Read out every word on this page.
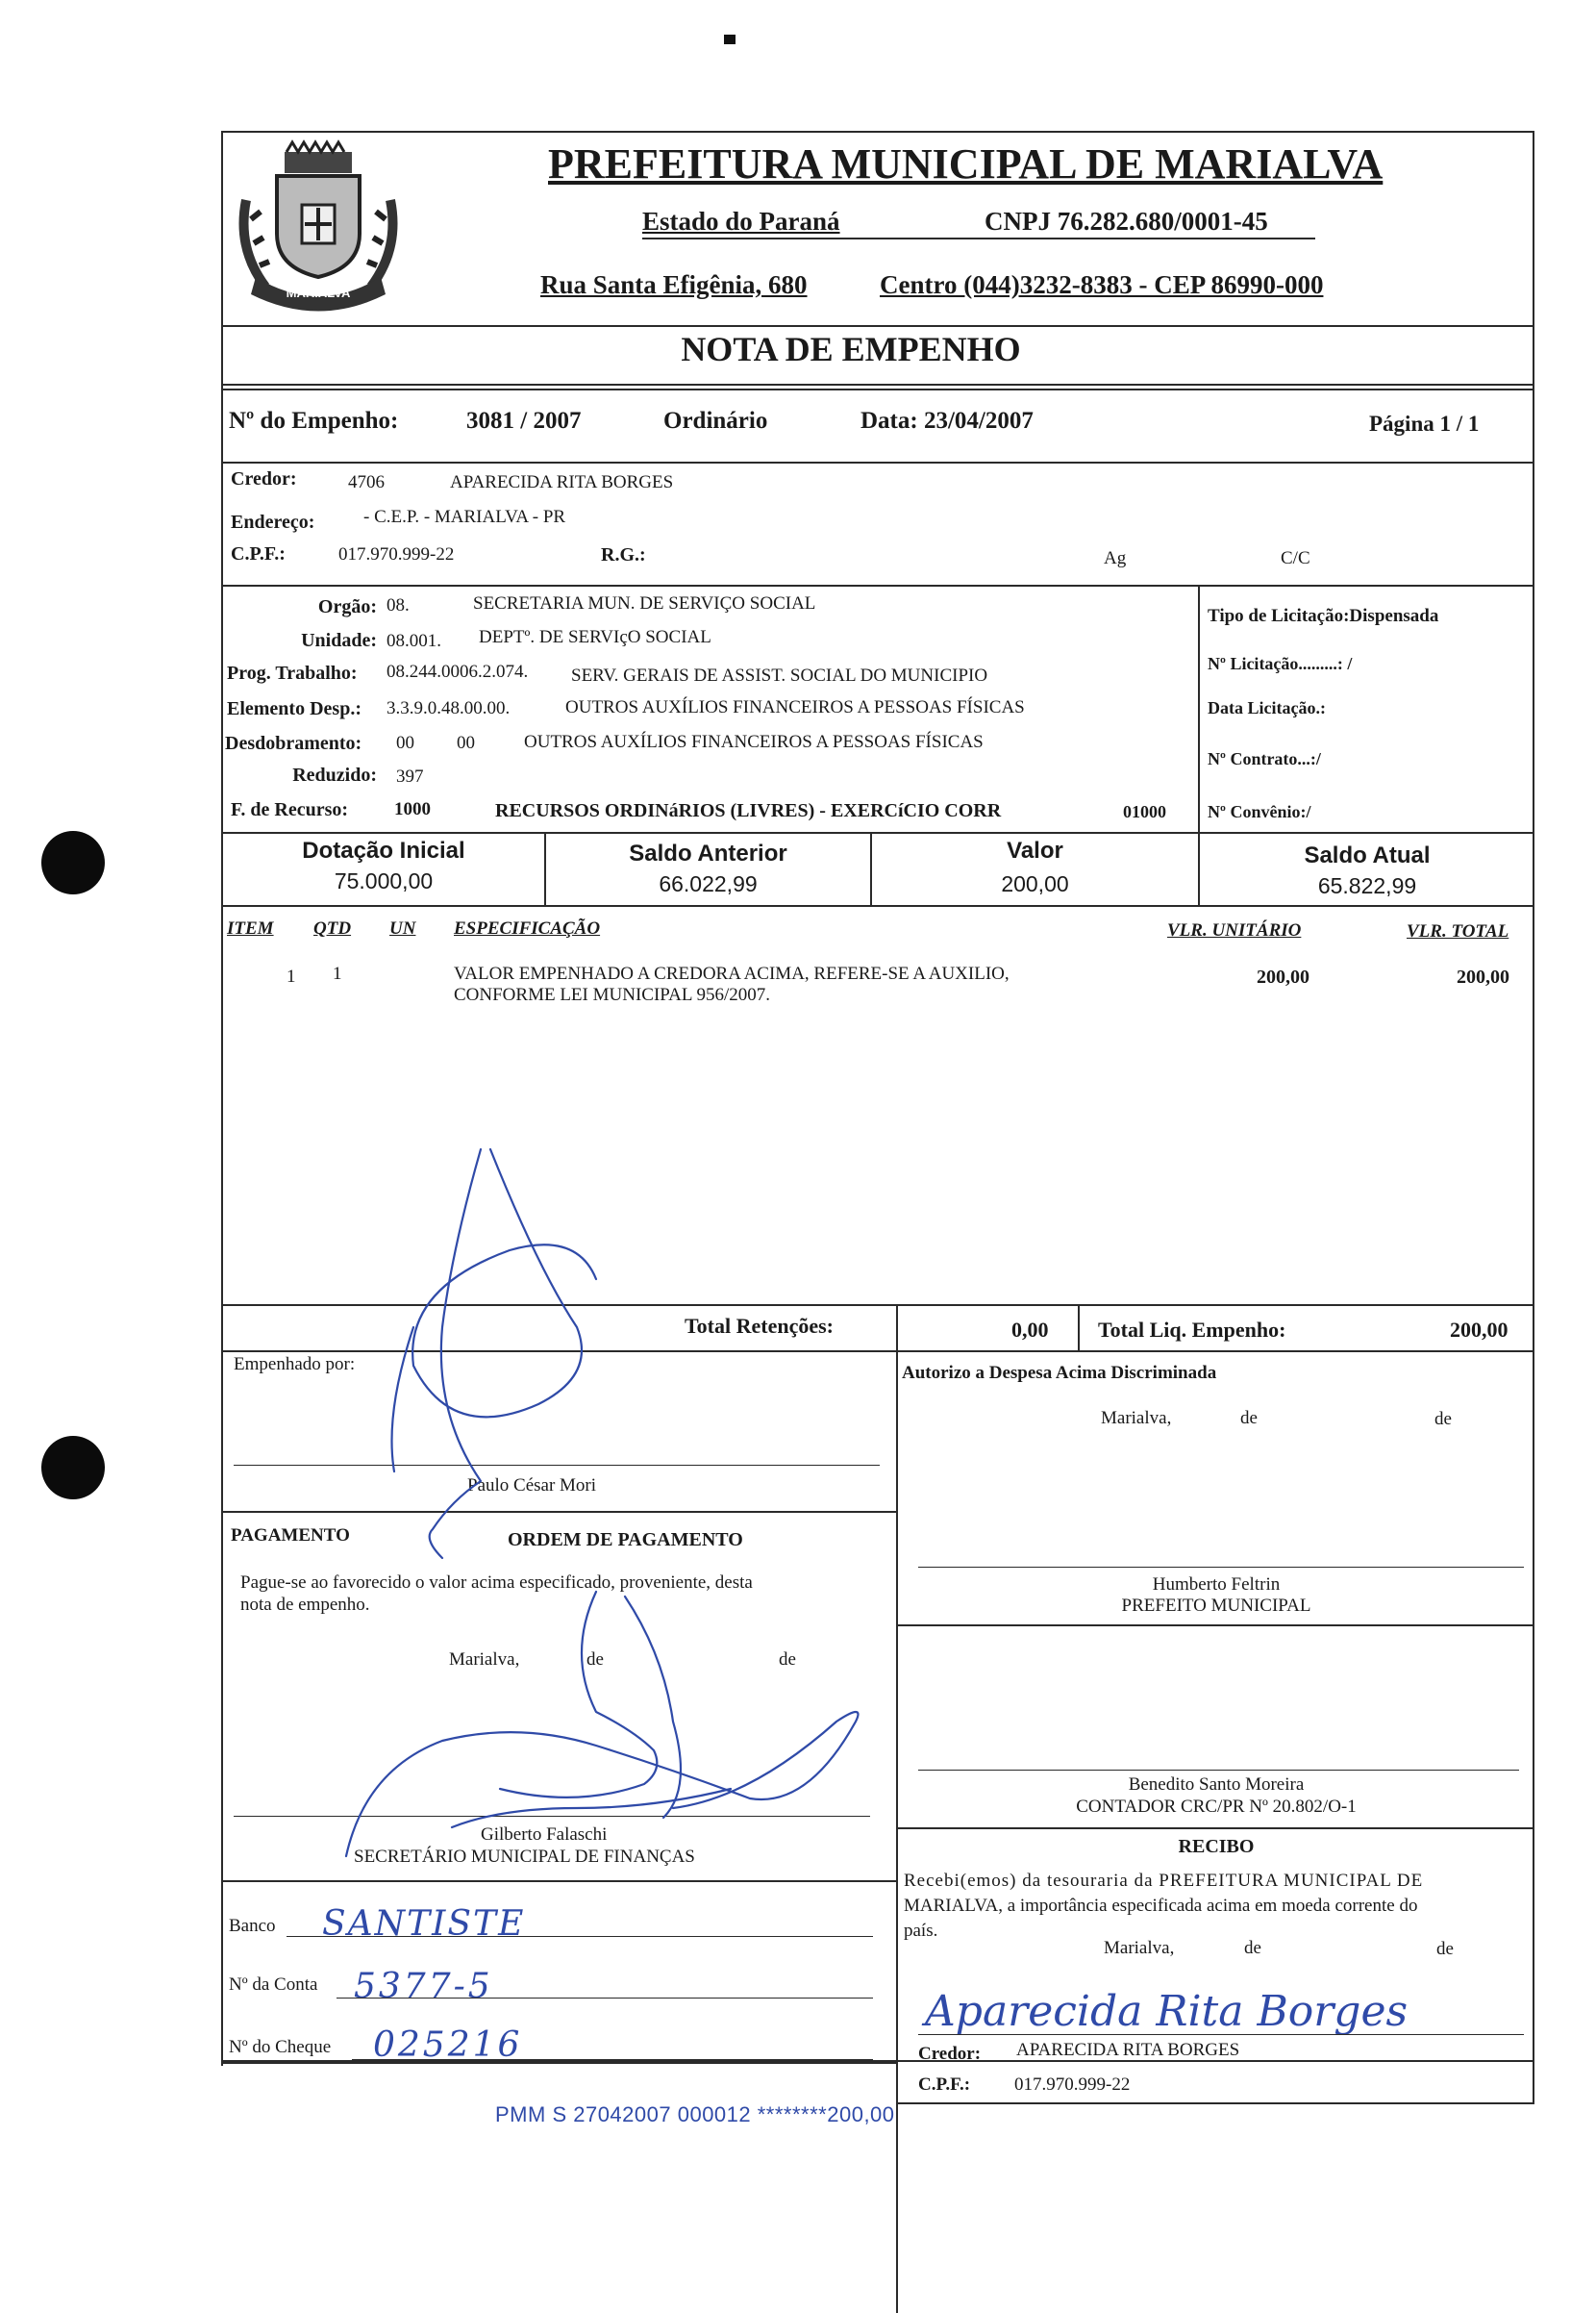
MARIALVA
PREFEITURA MUNICIPAL DE MARIALVA
Estado do Paraná	CNPJ 76.282.680/0001-45
Rua Santa Efigênia, 680	Centro (044)3232-8383 - CEP 86990-000
NOTA DE EMPENHO
Nº do Empenho:	3081 / 2007	Ordinário	Data: 23/04/2007	Página 1 / 1
Credor:	4706	APARECIDA RITA BORGES
Endereço:	- C.E.P. - MARIALVA - PR
C.P.F.:	017.970.999-22	R.G.:	Ag	C/C
Orgão: 08.	SECRETARIA MUN. DE SERVIÇO SOCIAL
Unidade: 08.001. DEPTº. DE SERVIçO SOCIAL
Prog. Trabalho: 08.244.0006.2.074. SERV. GERAIS DE ASSIST. SOCIAL DO MUNICIPIO
Elemento Desp.: 3.3.9.0.48.00.00.	OUTROS AUXÍLIOS FINANCEIROS A PESSOAS FÍSICAS
Desdobramento: 00 00	OUTROS AUXÍLIOS FINANCEIROS A PESSOAS FÍSICAS
Reduzido: 397
F. de Recurso:	1000	RECURSOS ORDINáRIOS (LIVRES) - EXERCíCIO CORR	01000
Tipo de Licitação:Dispensada
Nº Licitação.........: /
Data Licitação.:
Nº Contrato...:/
Nº Convênio:/
Dotação Inicial
75.000,00
Saldo Anterior
66.022,99
Valor
200,00
Saldo Atual
65.822,99
ITEM QTD UN ESPECIFICAÇÃO	VLR. UNITÁRIO	VLR. TOTAL
1 1	VALOR EMPENHADO A CREDORA ACIMA, REFERE-SE A AUXILIO,
CONFORME LEI MUNICIPAL 956/2007.
200,00	200,00
Total Retenções:	0,00 Total Liq. Empenho:	200,00
Empenhado por:
Paulo César Mori
Autorizo a Despesa Acima Discriminada
Marialva,	de	de
PAGAMENTO	ORDEM DE PAGAMENTO
Pague-se ao favorecido o valor acima especificado, proveniente, desta
nota de empenho.
Marialva,	de	de
Gilberto Falaschi
SECRETÁRIO MUNICIPAL DE FINANÇAS
Humberto Feltrin
PREFEITO MUNICIPAL
Benedito Santo Moreira
CONTADOR CRC/PR Nº 20.802/O-1
Banco SANTISTE
Nº da Conta 5377-5
Nº do Cheque 025216
RECIBO
Recebi(emos) da tesouraria da PREFEITURA MUNICIPAL DE
MARIALVA, a importância especificada acima em moeda corrente do
país.
Marialva,	de	de
Aparecida Rita Borges
Credor: APARECIDA RITA BORGES
C.P.F.: 017.970.999-22
PMM S 27042007 000012 ********200,00
